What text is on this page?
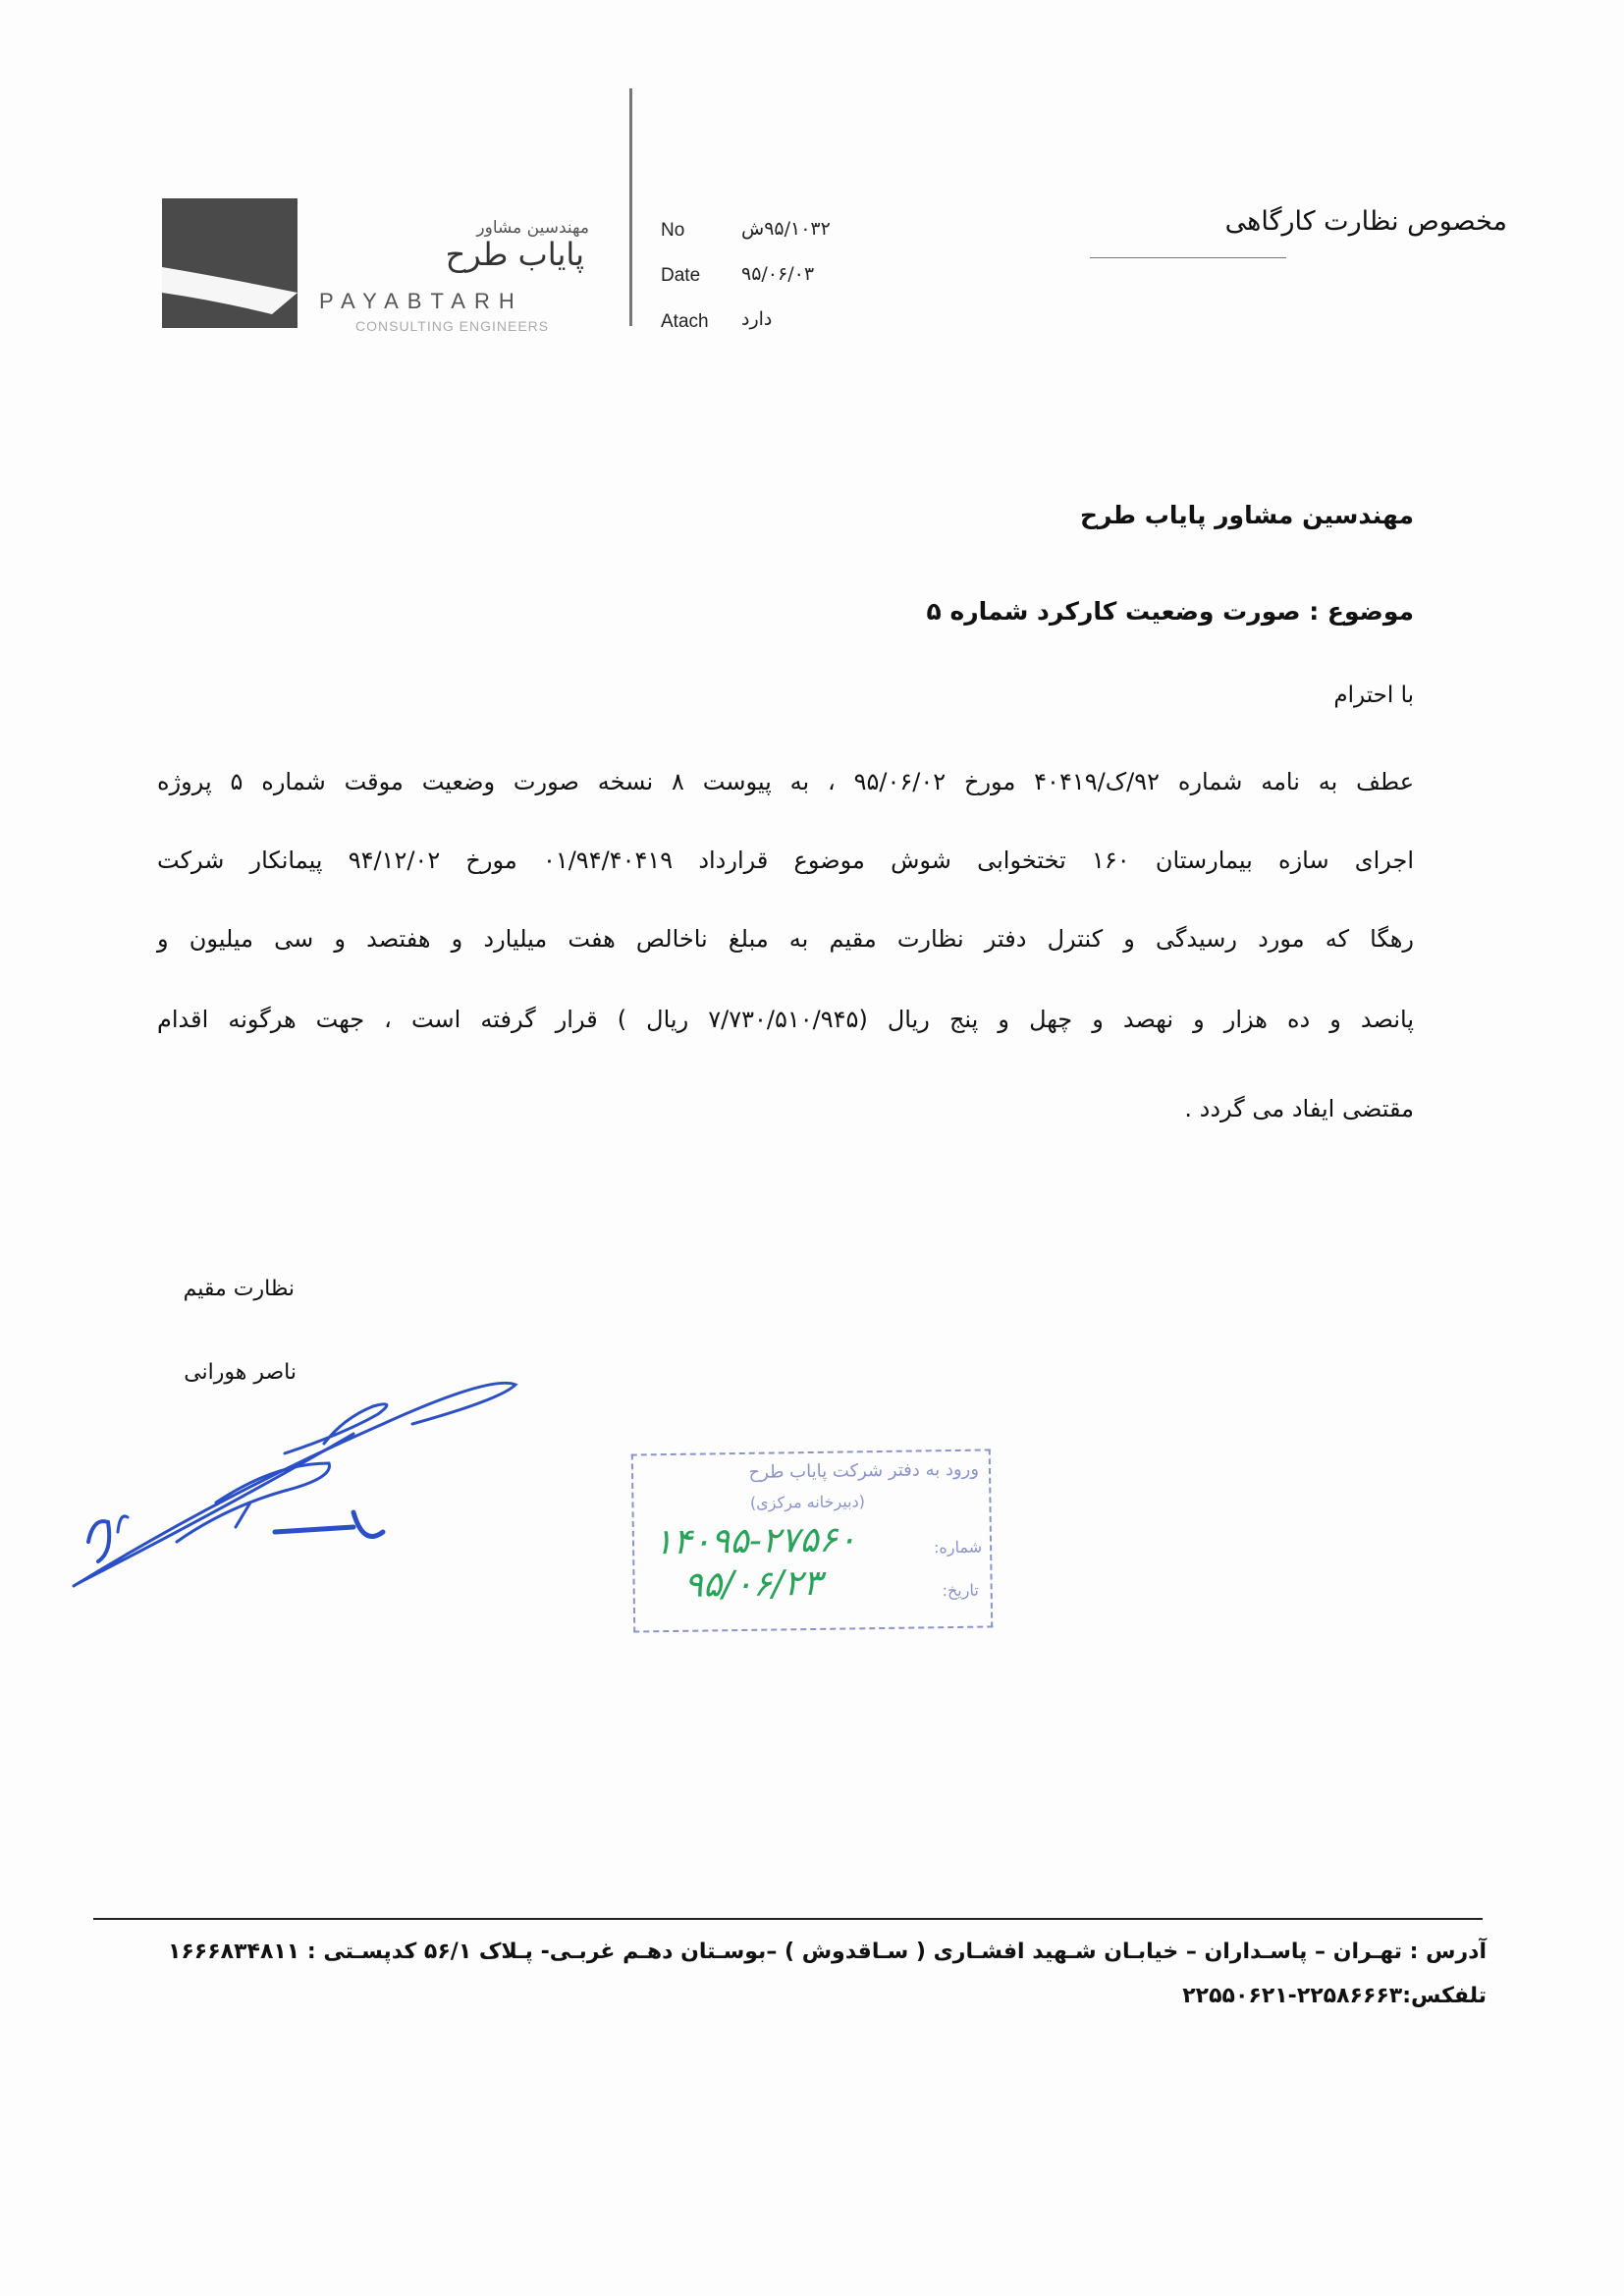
مهندسین مشاور
پایاب طرح
PAYABTARH
CONSULTING ENGINEERS
No	۹۵/۱۰۳۲ش
Date ۹۵/۰۶/۰۳
Atach دارد
مخصوص نظارت کارگاهی
مهندسین مشاور پایاب طرح
موضوع : صورت وضعیت کارکرد شماره ۵
با احترام
عطف به نامه شماره ۹۲/ک/۴۰۴۱۹ مورخ ۹۵/۰۶/۰۲ ، به پیوست ۸ نسخه صورت وضعیت موقت شماره ۵ پروژه
اجرای سازه بیمارستان ۱۶۰ تختخوابی شوش موضوع قرارداد ۰۱/۹۴/۴۰۴۱۹ مورخ ۹۴/۱۲/۰۲ پیمانکار شرکت
رهگا که مورد رسیدگی و کنترل دفتر نظارت مقیم به مبلغ ناخالص هفت میلیارد و هفتصد و سی میلیون و
پانصد و ده هزار و نهصد و چهل و پنج ریال (۷/۷۳۰/۵۱۰/۹۴۵ ریال ) قرار گرفته است ، جهت هرگونه اقدام
مقتضی ایفاد می گردد .
نظارت مقیم
ناصر هورانی
ورود به دفتر شرکت پایاب طرح
(دبیرخانه مرکزی)
شماره:
تاریخ:
۱۴۰۹۵-۲۷۵۶۰
۹۵/۰۶/۲۳
آدرس : تهـران – پاسـداران – خیابـان شـهید افشـاری ( سـاقدوش ) –بوسـتان دهـم غربـی- پـلاک ۵۶/۱ کدپسـتی : ۱۶۶۶۸۳۴۸۱۱
تلفکس:۲۲۵۸۶۶۶۳-۲۲۵۵۰۶۲۱
